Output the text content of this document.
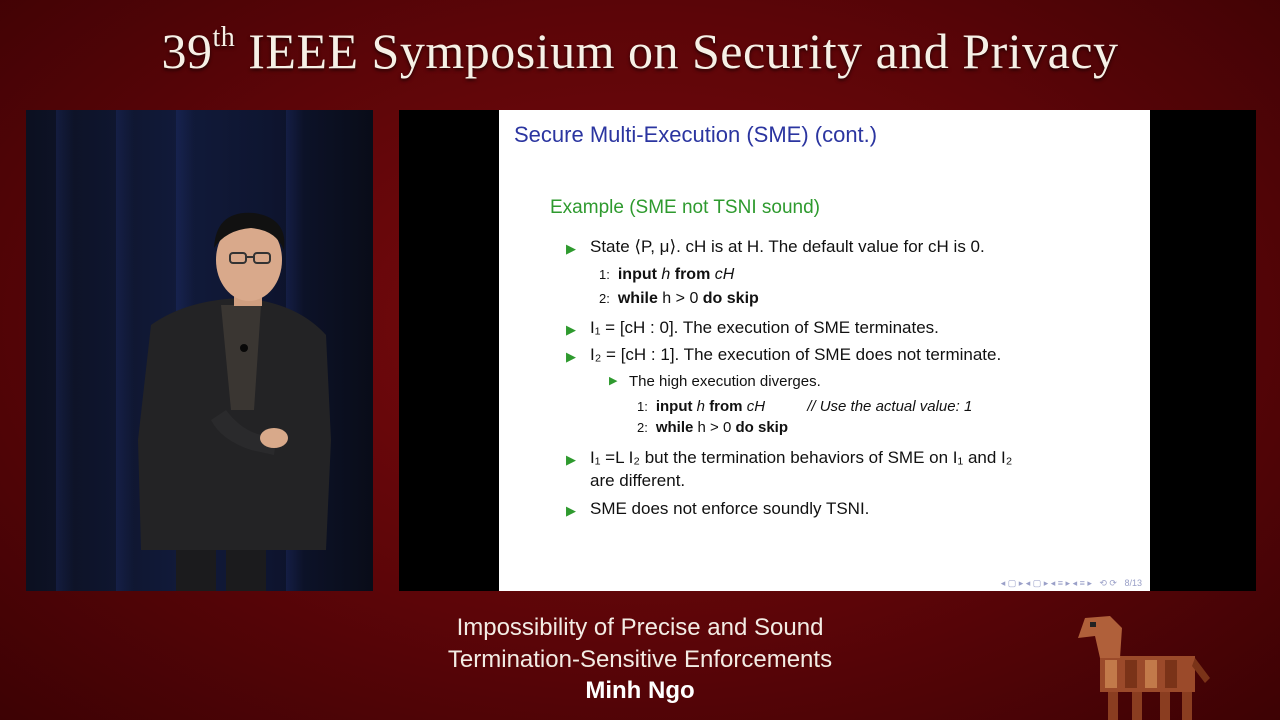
39th IEEE Symposium on Security and Privacy
Secure Multi-Execution (SME) (cont.)
Example (SME not TSNI sound)
▶ State ⟨P, μ⟩. cH is at H. The default value for cH is 0.
1: input h from cH
2: while h > 0 do skip
▶ I₁ = [cH : 0]. The execution of SME terminates.
▶ I₂ = [cH : 1]. The execution of SME does not terminate.
▶ The high execution diverges.
1: input h from cH	// Use the actual value: 1
2: while h > 0 do skip
▶ I₁ =L I₂ but the termination behaviors of SME on I₁ and I₂
are different.
▶ SME does not enforce soundly TSNI.
◂ ▢ ▸ ◂ ▢ ▸ ◂ ≡ ▸ ◂ ≡ ▸   ⟲ ⟳   8/13
Impossibility of Precise and Sound
Termination-Sensitive Enforcements
Minh Ngo
